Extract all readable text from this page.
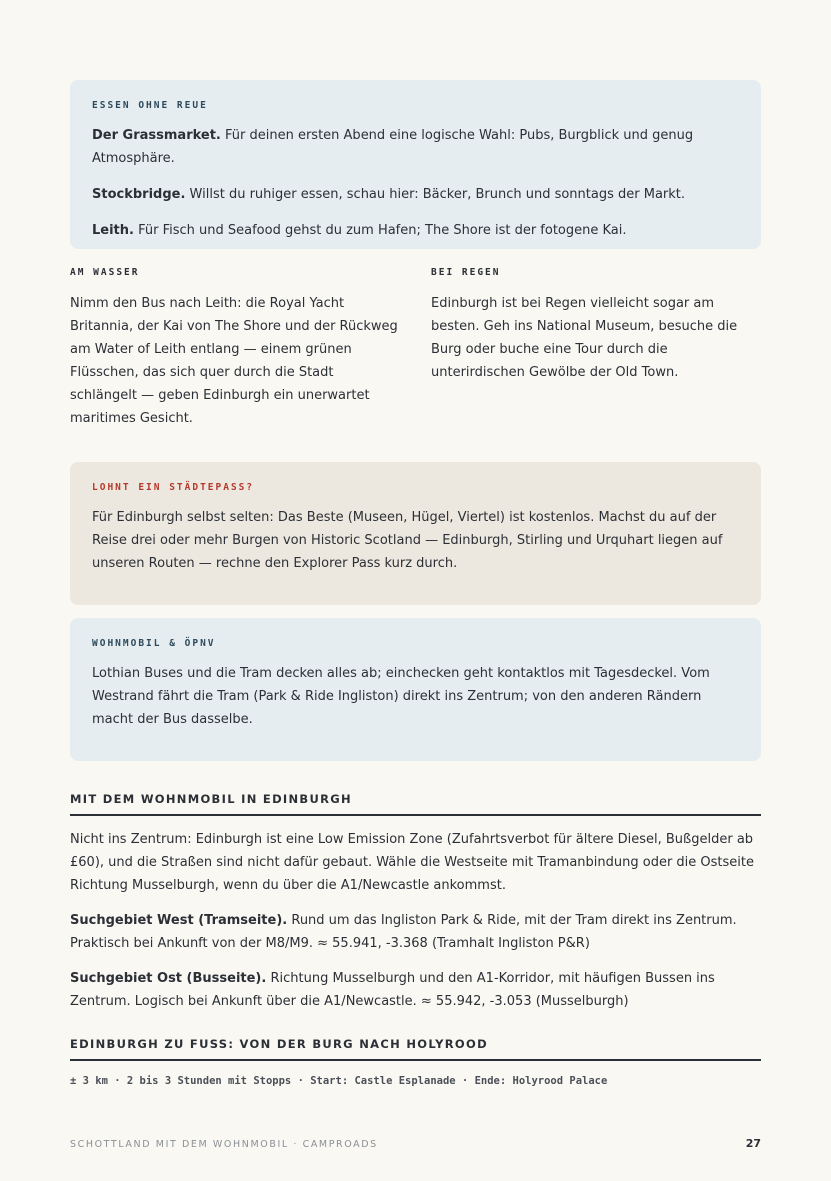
ESSEN OHNE REUE

Der Grassmarket. Für deinen ersten Abend eine logische Wahl: Pubs, Burgblick und genug Atmosphäre.

Stockbridge. Willst du ruhiger essen, schau hier: Bäcker, Brunch und sonntags der Markt.

Leith. Für Fisch und Seafood gehst du zum Hafen; The Shore ist der fotogene Kai.

AM WASSER

Nimm den Bus nach Leith: die Royal Yacht Britannia, der Kai von The Shore und der Rückweg am Water of Leith entlang — einem grünen Flüsschen, das sich quer durch die Stadt schlängelt — geben Edinburgh ein unerwartet maritimes Gesicht.

BEI REGEN

Edinburgh ist bei Regen vielleicht sogar am besten. Geh ins National Museum, besuche die Burg oder buche eine Tour durch die unterirdischen Gewölbe der Old Town.

LOHNT EIN STÄDTEPASS?

Für Edinburgh selbst selten: Das Beste (Museen, Hügel, Viertel) ist kostenlos. Machst du auf der Reise drei oder mehr Burgen von Historic Scotland — Edinburgh, Stirling und Urquhart liegen auf unseren Routen — rechne den Explorer Pass kurz durch.

WOHNMOBIL & ÖPNV

Lothian Buses und die Tram decken alles ab; einchecken geht kontaktlos mit Tagesdeckel. Vom Westrand fährt die Tram (Park & Ride Ingliston) direkt ins Zentrum; von den anderen Rändern macht der Bus dasselbe.

MIT DEM WOHNMOBIL IN EDINBURGH

Nicht ins Zentrum: Edinburgh ist eine Low Emission Zone (Zufahrtsverbot für ältere Diesel, Bußgelder ab £60), und die Straßen sind nicht dafür gebaut. Wähle die Westseite mit Tramanbindung oder die Ostseite Richtung Musselburgh, wenn du über die A1/Newcastle ankommst.

Suchgebiet West (Tramseite). Rund um das Ingliston Park & Ride, mit der Tram direkt ins Zentrum. Praktisch bei Ankunft von der M8/M9. ≈ 55.941, -3.368 (Tramhalt Ingliston P&R)

Suchgebiet Ost (Busseite). Richtung Musselburgh und den A1-Korridor, mit häufigen Bussen ins Zentrum. Logisch bei Ankunft über die A1/Newcastle. ≈ 55.942, -3.053 (Musselburgh)

EDINBURGH ZU FUSS: VON DER BURG NACH HOLYROOD
± 3 km · 2 bis 3 Stunden mit Stopps · Start: Castle Esplanade · Ende: Holyrood Palace
SCHOTTLAND MIT DEM WOHNMOBIL · CAMPROADS	27
